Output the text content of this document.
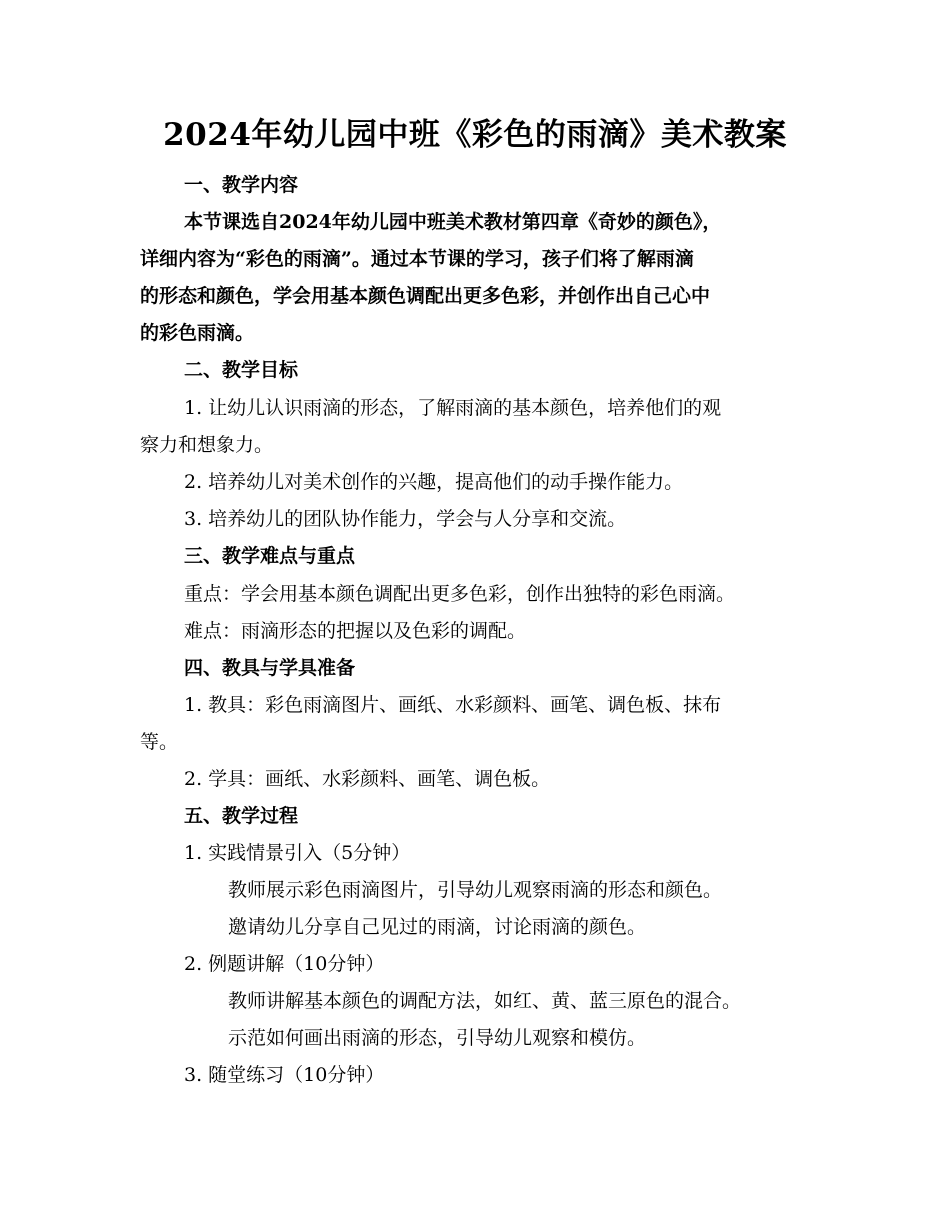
2024年幼儿园中班《彩色的雨滴》美术教案
一、教学内容
本节课选自2024年幼儿园中班美术教材第四章《奇妙的颜色》，
详细内容为“彩色的雨滴”。通过本节课的学习，孩子们将了解雨滴
的形态和颜色，学会用基本颜色调配出更多色彩，并创作出自己心中
的彩色雨滴。
二、教学目标
1. 让幼儿认识雨滴的形态，了解雨滴的基本颜色，培养他们的观
察力和想象力。
2. 培养幼儿对美术创作的兴趣，提高他们的动手操作能力。
3. 培养幼儿的团队协作能力，学会与人分享和交流。
三、教学难点与重点
重点：学会用基本颜色调配出更多色彩，创作出独特的彩色雨滴。
难点：雨滴形态的把握以及色彩的调配。
四、教具与学具准备
1. 教具：彩色雨滴图片、画纸、水彩颜料、画笔、调色板、抹布
等。
2. 学具：画纸、水彩颜料、画笔、调色板。
五、教学过程
1. 实践情景引入（5分钟）
教师展示彩色雨滴图片，引导幼儿观察雨滴的形态和颜色。
邀请幼儿分享自己见过的雨滴，讨论雨滴的颜色。
2. 例题讲解（10分钟）
教师讲解基本颜色的调配方法，如红、黄、蓝三原色的混合。
示范如何画出雨滴的形态，引导幼儿观察和模仿。
3. 随堂练习（10分钟）
